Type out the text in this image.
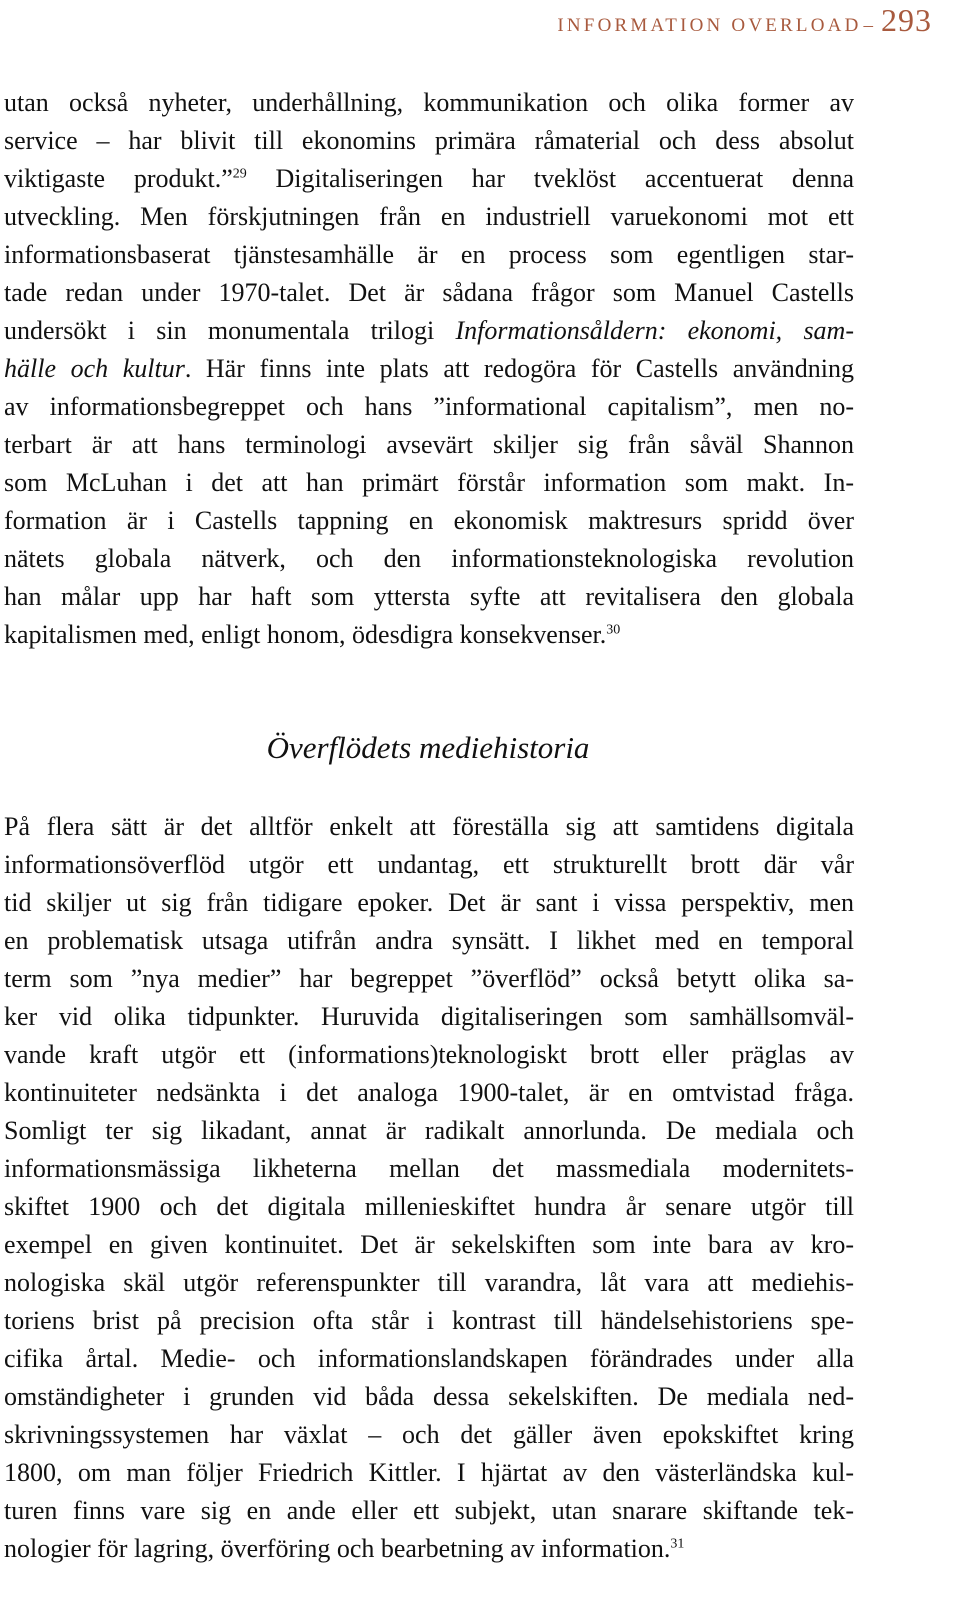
INFORMATION OVERLOAD – 293
utan också nyheter, underhållning, kommunikation och olika former av
service – har blivit till ekonomins primära råmaterial och dess absolut
viktigaste produkt.”$^{29}$ Digitaliseringen har tveklöst accentuerat denna
utveckling. Men förskjutningen från en industriell varuekonomi mot ett
informationsbaserat tjänstesamhälle är en process som egentligen star-
tade redan under 1970-talet. Det är sådana frågor som Manuel Castells
undersökt i sin monumentala trilogi Informationsåldern: ekonomi, sam-
hälle och kultur. Här finns inte plats att redogöra för Castells användning
av informationsbegreppet och hans ”informational capitalism”, men no-
terbart är att hans terminologi avsevärt skiljer sig från såväl Shannon
som McLuhan i det att han primärt förstår information som makt. In-
formation är i Castells tappning en ekonomisk maktresurs spridd över
nätets globala nätverk, och den informationsteknologiska revolution
han målar upp har haft som yttersta syfte att revitalisera den globala
kapitalismen med, enligt honom, ödesdigra konsekvenser.$^{30}$
Överflödets mediehistoria
På flera sätt är det alltför enkelt att föreställa sig att samtidens digitala
informationsöverflöd utgör ett undantag, ett strukturellt brott där vår
tid skiljer ut sig från tidigare epoker. Det är sant i vissa perspektiv, men
en problematisk utsaga utifrån andra synsätt. I likhet med en temporal
term som ”nya medier” har begreppet ”överflöd” också betytt olika sa-
ker vid olika tidpunkter. Huruvida digitaliseringen som samhällsomväl-
vande kraft utgör ett (informations)teknologiskt brott eller präglas av
kontinuiteter nedsänkta i det analoga 1900-talet, är en omtvistad fråga.
Somligt ter sig likadant, annat är radikalt annorlunda. De mediala och
informationsmässiga likheterna mellan det massmediala modernitets-
skiftet 1900 och det digitala millenieskiftet hundra år senare utgör till
exempel en given kontinuitet. Det är sekelskiften som inte bara av kro-
nologiska skäl utgör referenspunkter till varandra, låt vara att mediehis-
toriens brist på precision ofta står i kontrast till händelsehistoriens spe-
cifika årtal. Medie- och informationslandskapen förändrades under alla
omständigheter i grunden vid båda dessa sekelskiften. De mediala ned-
skrivningssystemen har växlat – och det gäller även epokskiftet kring
1800, om man följer Friedrich Kittler. I hjärtat av den västerländska kul-
turen finns vare sig en ande eller ett subjekt, utan snarare skiftande tek-
nologier för lagring, överföring och bearbetning av information.$^{31}$
